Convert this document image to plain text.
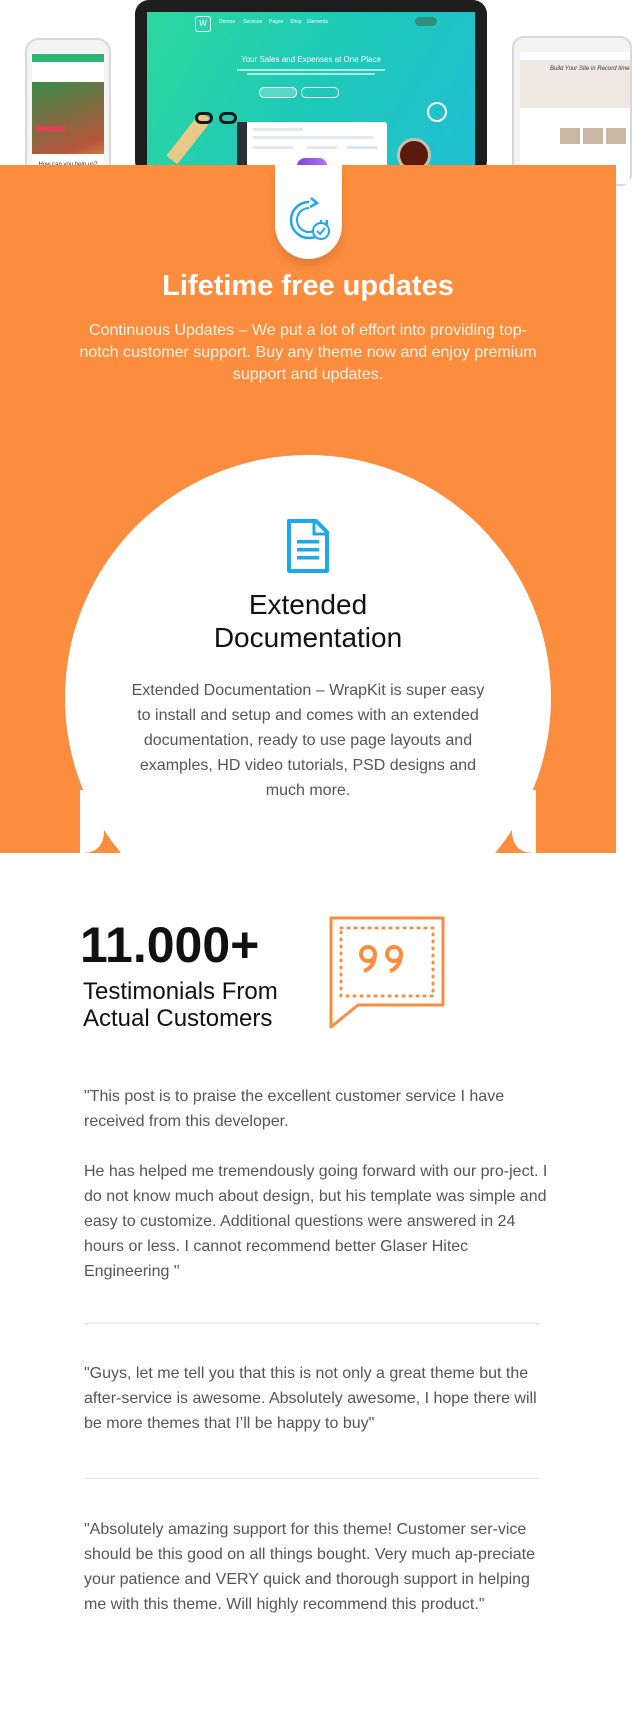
W	Demos Services Pages Shop Elements
Your Sales and Expenses at One Place
Build Your Site in Record time
Lifetime free updates
Continuous Updates – We put a lot of effort into providing top-notch customer support. Buy any theme now and enjoy premium support and updates.
Extended
Documentation
Extended Documentation – WrapKit is super easy to install and setup and comes with an extended documentation, ready to use page layouts and examples, HD video tutorials, PSD designs and much more.
11.000+
Testimonials From
Actual Customers

"This post is to praise the excellent customer service I have received from this developer.

He has helped me tremendously going forward with our pro-ject. I do not know much about design, but his template was simple and easy to customize. Additional questions were answered in 24 hours or less. I cannot recommend better Glaser Hitec Engineering "

"Guys, let me tell you that this is not only a great theme but the after-service is awesome. Absolutely awesome, I hope there will be more themes that I’ll be happy to buy"

"Absolutely amazing support for this theme! Customer ser-vice should be this good on all things bought. Very much ap-preciate your patience and VERY quick and thorough support in helping me with this theme. Will highly recommend this product."
